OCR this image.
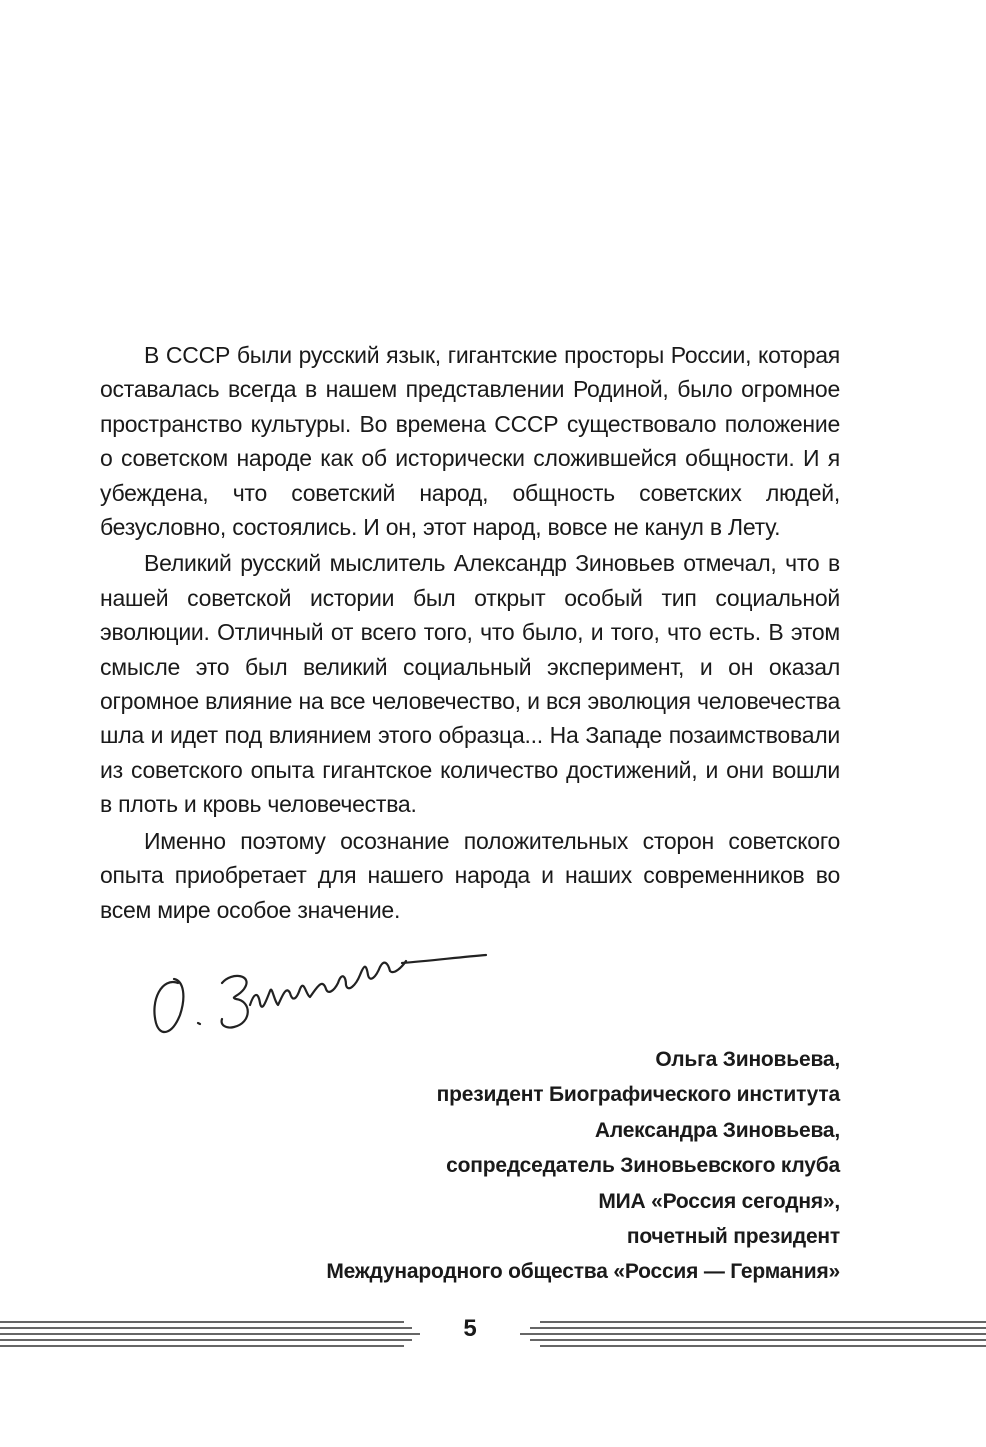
В СССР были русский язык, гигантские просторы России, которая оставалась всегда в нашем представлении Родиной, было огромное пространство культуры. Во времена СССР существовало положение о советском народе как об исторически сложившейся общности. И я убеждена, что советский народ, общность советских людей, безусловно, состоялись. И он, этот народ, вовсе не канул в Лету.

Великий русский мыслитель Александр Зиновьев отмечал, что в нашей советской истории был открыт особый тип социальной эволюции. Отличный от всего того, что было, и того, что есть. В этом смысле это был великий социальный эксперимент, и он оказал огромное влияние на все человечество, и вся эволюция человечества шла и идет под влиянием этого образца... На Западе позаимствовали из советского опыта гигантское количество достижений, и они вошли в плоть и кровь человечества.

Именно поэтому осознание положительных сторон советского опыта приобретает для нашего народа и наших современников во всем мире особое значение.

Ольга Зиновьева,
президент Биографического института
Александра Зиновьева,
сопредседатель Зиновьевского клуба
МИА «Россия сегодня»,
почетный президент
Международного общества «Россия — Германия»
5
